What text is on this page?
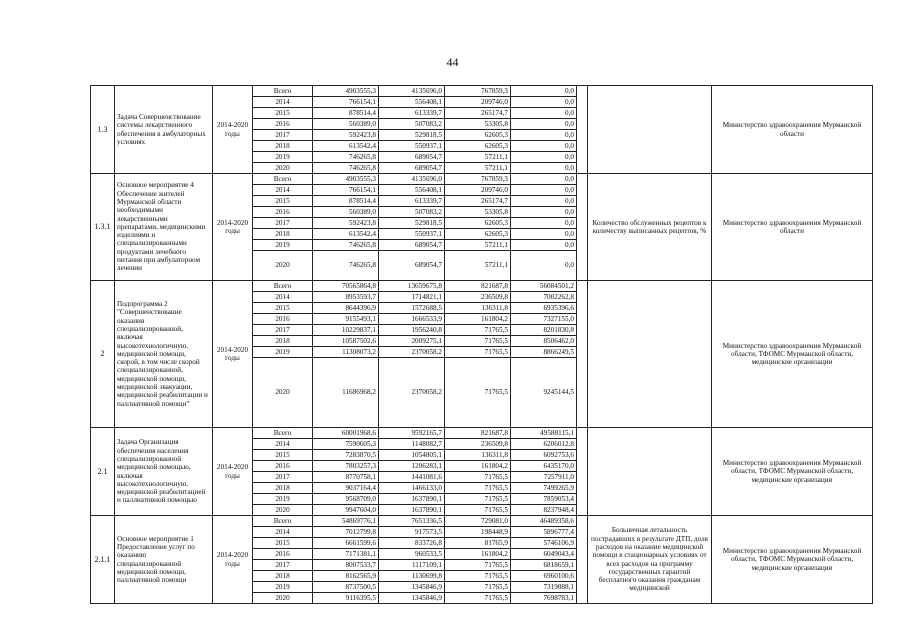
44
1.3	Задача Совершенствование системы лекарственного обеспечения в амбулаторных условиях	2014-2020 годы	Всего	4903555,3	4135696,0	767859,3	0,0			Министерство здравоохранения Мурманской области
			2014	766154,1	556408,1	209746,0	0,0			
			2015	878514,4	613339,7	265174,7	0,0			
			2016	560389,0	507083,2	53305,8	0,0			
			2017	592423,8	529818,5	62605,3	0,0			
			2018	613542,4	550937,1	62605,3	0,0			
			2019	746265,8	689054,7	57211,1	0,0			
			2020	746265,8	689054,7	57211,1	0,0			
1.3.1	Основное мероприятие 4 Обеспечение жителей Мурманской области необходимыми лекарственными препаратами, медицинскими изделиями и специализированными продуктами лечебного питания при амбулаторном лечении	2014-2020 годы	Всего	4903555,3	4135696,0	767859,3	0,0		Количество обслуженных рецептов к количеству выписанных рецептов, %	Министерство здравоохранения Мурманской области
			2014	766154,1	556408,1	209746,0	0,0			
			2015	878514,4	613339,7	265174,7	0,0			
			2016	560389,0	507083,2	53305,8	0,0			
			2017	592423,8	529818,5	62605,3	0,0			
			2018	613542,4	550937,1	62605,3	0,0			
			2019	746265,8	689054,7	57211,1	0,0			
			2020	746265,8	689054,7	57211,1	0,0			
2	Подпрограмма 2 "Совершенствование оказания специализированной, включая высокотехнологичную, медицинской помощи, скорой, в том числе скорой специализированной, медицинской помощи, медицинской эвакуации, медицинской реабилитации и паллиативной помощи"	2014-2020 годы	Всего	70565864,8	13659675,8	821687,8	56084501,2			Министерство здравоохранения Мурманской области, ТФОМС Мурманской области, медицинские организации
			2014	8953593,7	1714821,1	236509,8	7002262,8			
			2015	8644396,9	1572688,5	136311,8	6935396,6			
			2016	9155493,1	1666533,9	161804,2	7327155,0			
			2017	10229837,1	1956240,8	71765,5	8201830,8			
			2018	10587502,6	2009275,1	71765,5	8506462,0			
			2019	11308073,2	2370058,2	71765,5	8866249,5			
			2020	11686968,2	2370058,2	71765,5	9245144,5			
2.1	Задача Организация обеспечения населения специализированной медицинской помощью, включая высокотехнологичную, медицинской реабилитацией и паллиативной помощью	2014-2020 годы	Всего	60001968,6	9592165,7	821687,8	49588115,1			Министерство здравоохранения Мурманской области, ТФОМС Мурманской области, медицинские организации
			2014	7590605,3	1148082,7	236509,8	6206012,8			
			2015	7283870,5	1054805,1	136311,8	6092753,6			
			2016	7803257,3	1206283,1	161804,2	6435170,0			
			2017	8770758,1	1441081,6	71765,5	7257911,0			
			2018	9037164,4	1466133,0	71765,5	7499265,9			
			2019	9568709,0	1637890,1	71765,5	7859053,4			
			2020	9947604,0	1637890,1	71765,5	8237948,4			
2.1.1	Основное мероприятие 1 Предоставление услуг по оказанию специализированной медицинской помощи, паллиативной помощи	2014-2020 годы	Всего	54869776,1	7651336,5	729081,0	46489358,6		Больничная летальность пострадавших в результате ДТП, доля расходов на оказание медицинской помощи в стационарных условиях от всех расходов на программу государственных гарантий бесплатного оказания гражданам медицинской	Министерство здравоохранения Мурманской области, ТФОМС Мурманской области, медицинские организации
			2014	7012799,8	917573,5	198448,9	5896777,4			
			2015	6661599,6	833726,8	81765,9	5746106,9			
			2016	7171381,1	960533,5	161804,2	6049043,4			
			2017	8007533,7	1117109,1	71765,5	6818659,1			
			2018	8162565,9	1130699,8	71765,5	6960100,6			
			2019	8737500,5	1345846,9	71765,5	7319888,1			
			2020	9116395,5	1345846,9	71765,5	7698783,1			
